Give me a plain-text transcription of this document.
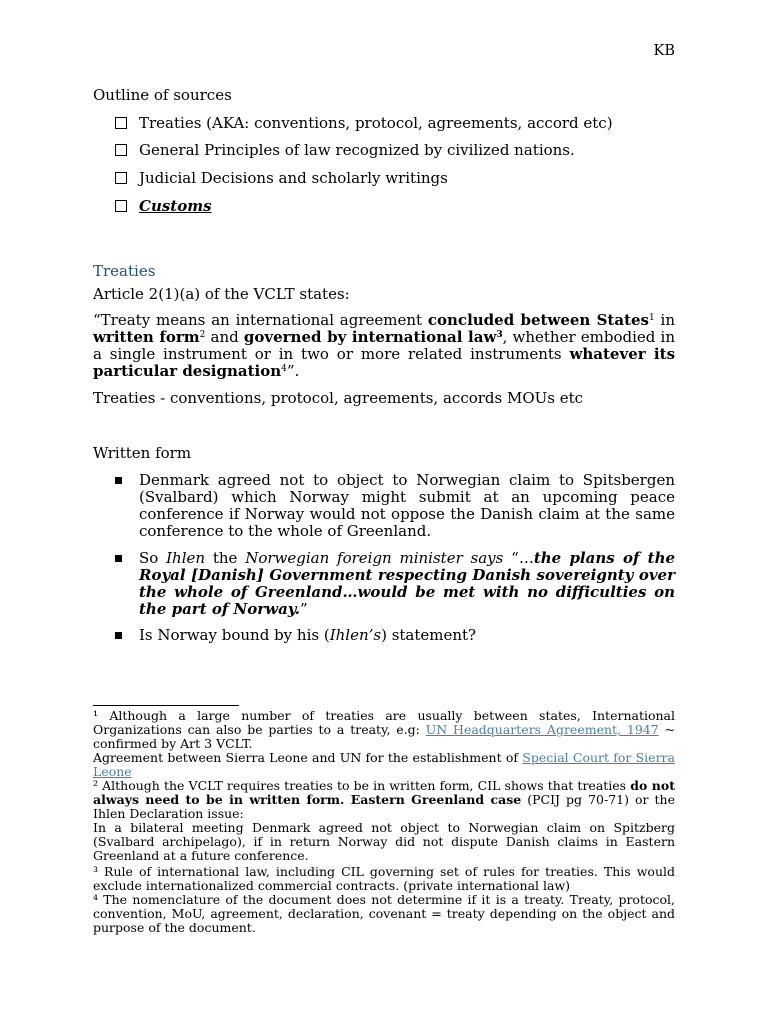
KB

Outline of sources

Treaties (AKA: conventions, protocol, agreements, accord etc)
General Principles of law recognized by civilized nations.
Judicial Decisions and scholarly writings
Customs

Treaties

Article 2(1)(a) of the VCLT states:

“Treaty means an international agreement concluded between States$^1$ in written form$^2$ and governed by international law$^3$, whether embodied in a single instrument or in two or more related instruments whatever its particular designation$^4$”.

Treaties - conventions, protocol, agreements, accords MOUs etc

Written form

Denmark agreed not to object to Norwegian claim to Spitsbergen (Svalbard) which Norway might submit at an upcoming peace conference if Norway would not oppose the Danish claim at the same conference to the whole of Greenland.
So Ihlen the Norwegian foreign minister says “…the plans of the Royal [Danish] Government respecting Danish sovereignty over the whole of Greenland…would be met with no difficulties on the part of Norway.”
Is Norway bound by his (Ihlen’s) statement?
¹ Although a large number of treaties are usually between states, International Organizations can also be parties to a treaty, e.g: UN Headquarters Agreement, 1947 ~ confirmed by Art 3 VCLT.
Agreement between Sierra Leone and UN for the establishment of Special Court for Sierra Leone
² Although the VCLT requires treaties to be in written form, CIL shows that treaties do not always need to be in written form. Eastern Greenland case (PCIJ pg 70-71) or the Ihlen Declaration issue:
In a bilateral meeting Denmark agreed not object to Norwegian claim on Spitzberg (Svalbard archipelago), if in return Norway did not dispute Danish claims in Eastern Greenland at a future conference.
³ Rule of international law, including CIL governing set of rules for treaties. This would exclude internationalized commercial contracts. (private international law)
⁴ The nomenclature of the document does not determine if it is a treaty. Treaty, protocol, convention, MoU, agreement, declaration, covenant = treaty depending on the object and purpose of the document.
